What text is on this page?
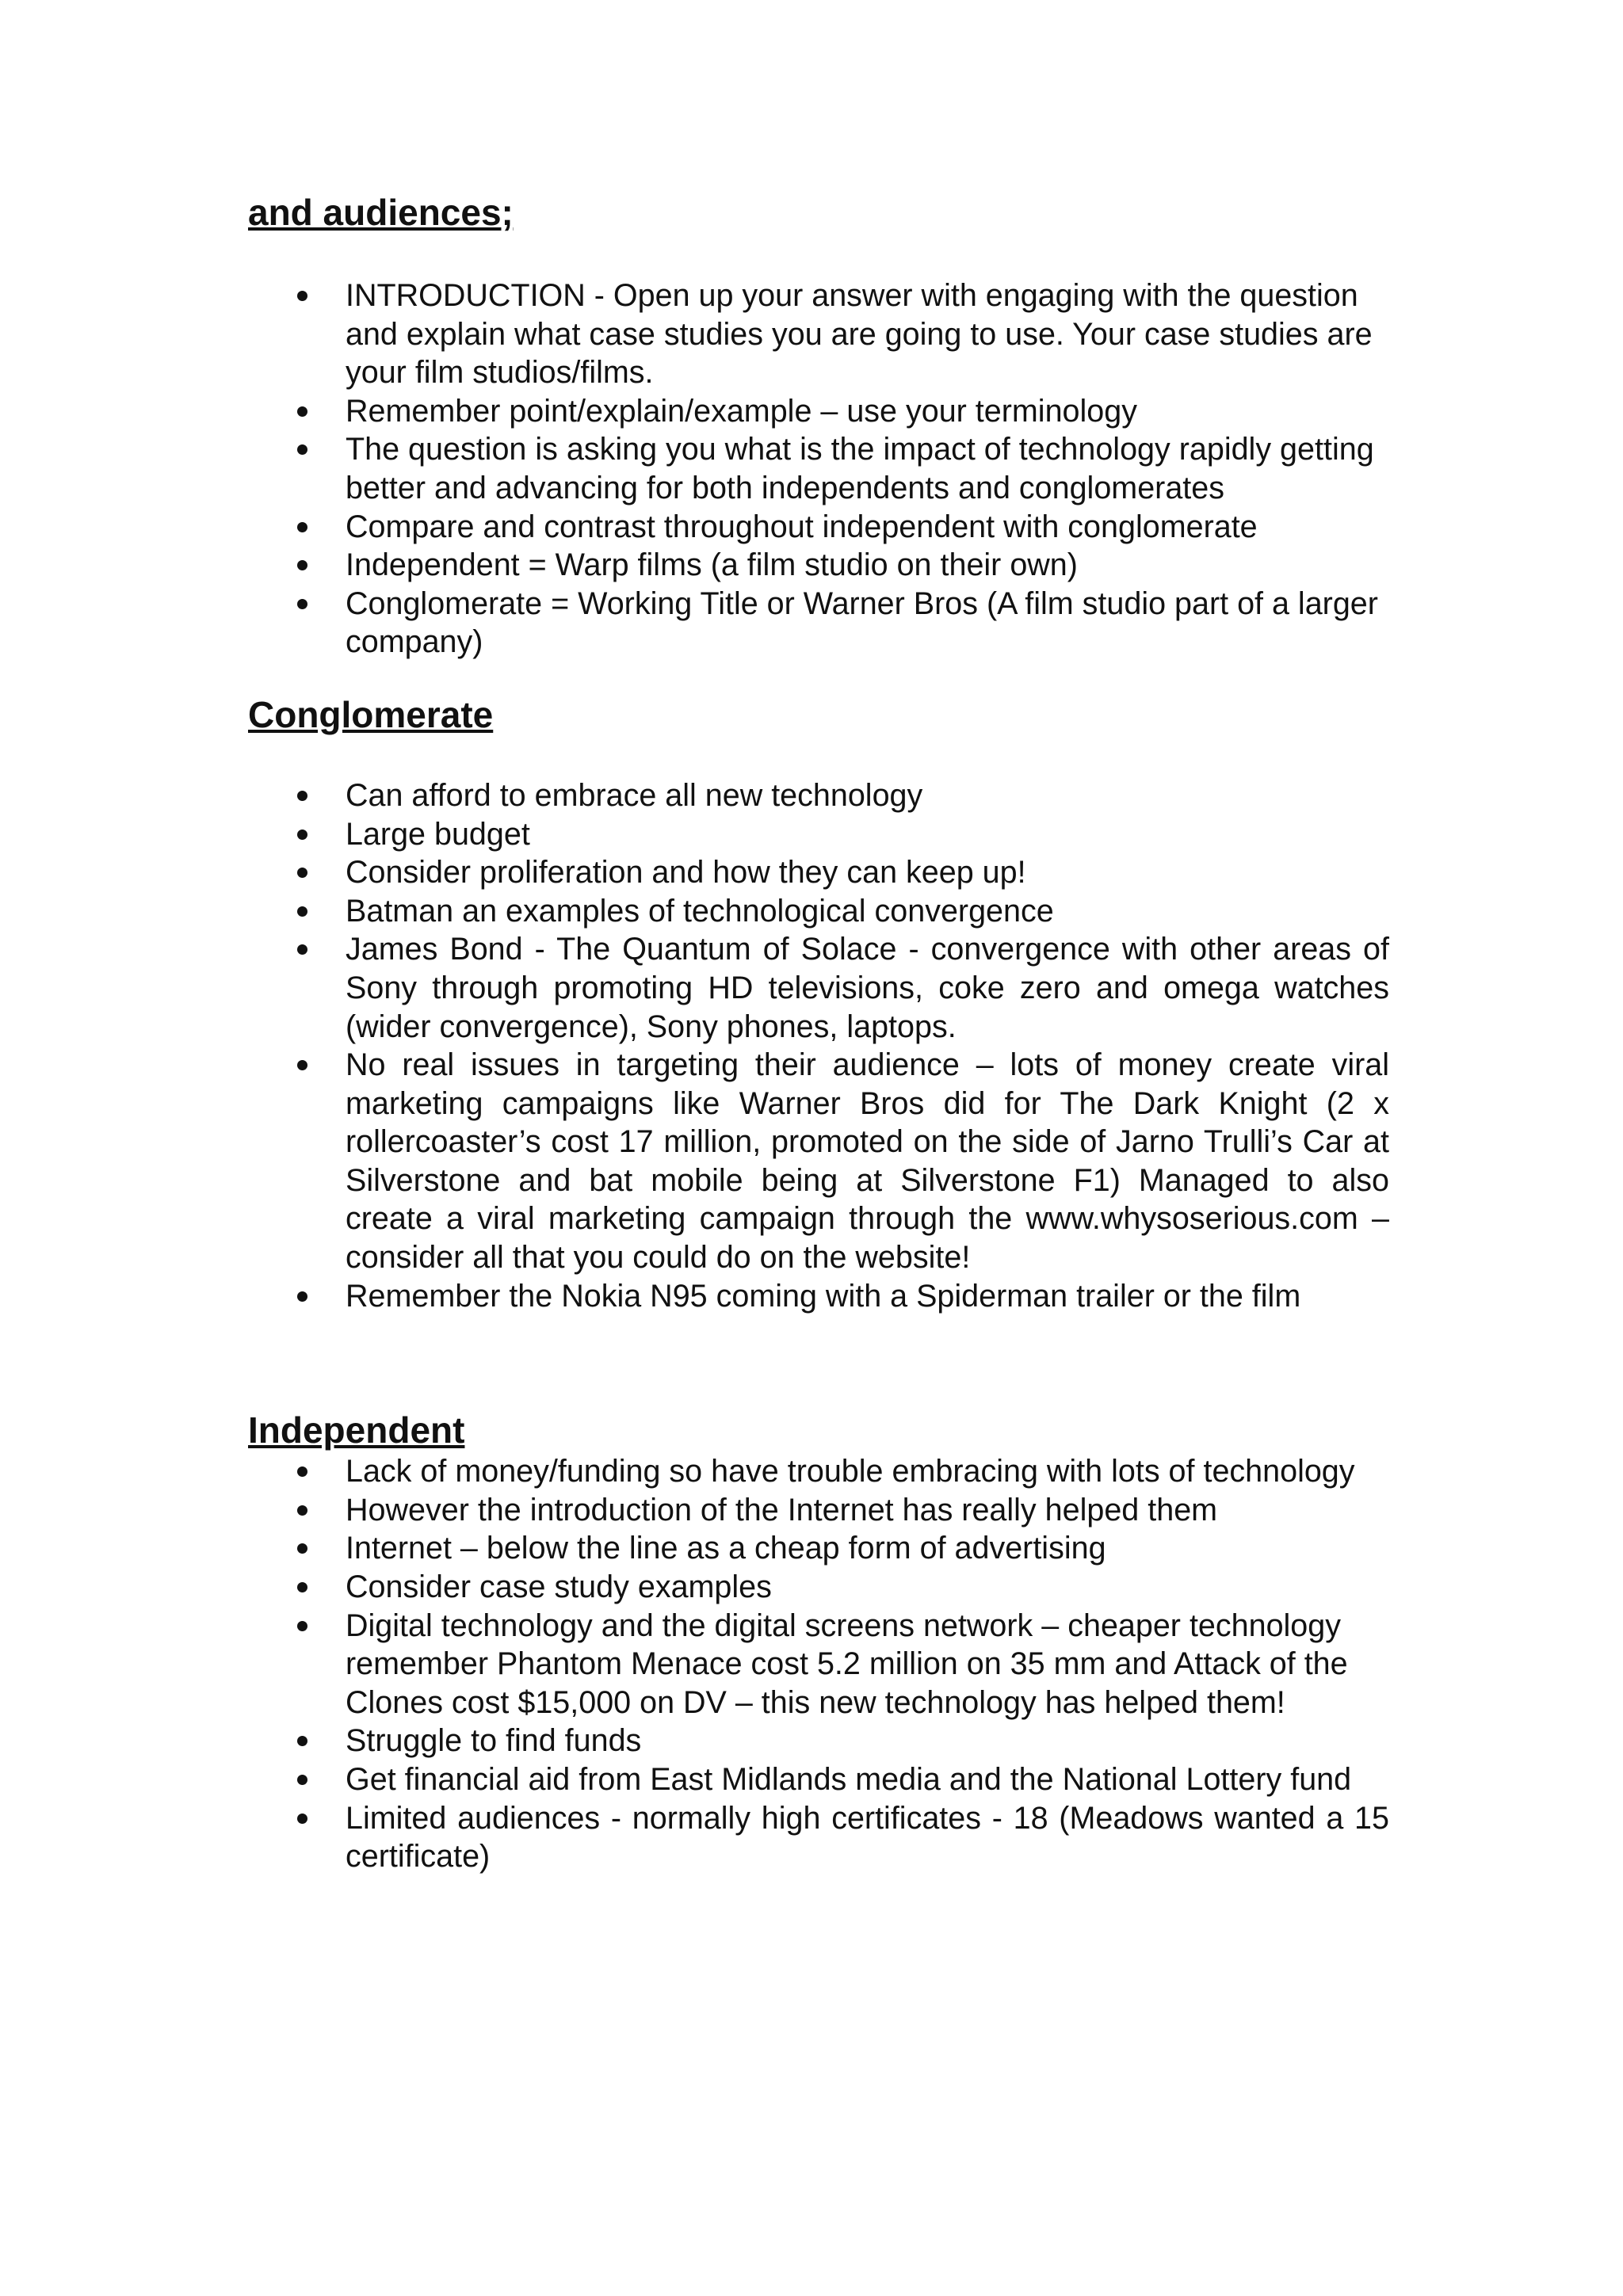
and audiences;
INTRODUCTION - Open up your answer with engaging with the question and explain what case studies you are going to use. Your case studies are your film studios/films.
Remember point/explain/example – use your terminology
The question is asking you what is the impact of technology rapidly getting better and advancing for both independents and conglomerates
Compare and contrast throughout independent with conglomerate
Independent = Warp films (a film studio on their own)
Conglomerate = Working Title or Warner Bros (A film studio part of a larger company)
Conglomerate
Can afford to embrace all new technology
Large budget
Consider proliferation and how they can keep up!
Batman an examples of technological convergence
James Bond - The Quantum of Solace - convergence with other areas of Sony through promoting HD televisions, coke zero and omega watches (wider convergence), Sony phones, laptops.
No real issues in targeting their audience – lots of money create viral marketing campaigns like Warner Bros did for The Dark Knight (2 x rollercoaster’s cost 17 million, promoted on the side of Jarno Trulli’s Car at Silverstone and bat mobile being at Silverstone F1) Managed to also create a viral marketing campaign through the www.whysoserious.com – consider all that you could do on the website!
Remember the Nokia N95 coming with a Spiderman trailer or the film
Independent
Lack of money/funding so have trouble embracing with lots of technology
However the introduction of the Internet has really helped them
Internet – below the line as a cheap form of advertising
Consider case study examples
Digital technology and the digital screens network – cheaper technology remember Phantom Menace cost 5.2 million on 35 mm and Attack of the Clones cost $15,000 on DV – this new technology has helped them!
Struggle to find funds
Get financial aid from East Midlands media and the National Lottery fund
Limited audiences - normally high certificates - 18 (Meadows wanted a 15 certificate)
